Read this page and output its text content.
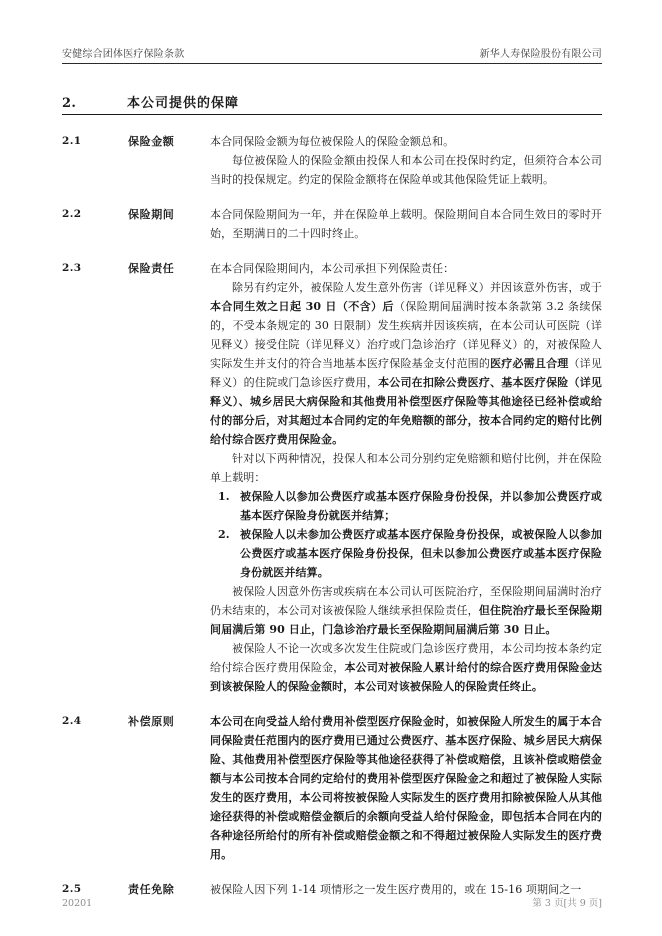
安健综合团体医疗保险条款	新华人寿保险股份有限公司
2.	本公司提供的保障
2.1	保险金额	本合同保险金额为每位被保险人的保险金额总和。

每位被保险人的保险金额由投保人和本公司在投保时约定，但须符合本公司当时的投保规定。约定的保险金额将在保险单或其他保险凭证上载明。

2.2	保险期间	本合同保险期间为一年，并在保险单上载明。保险期间自本合同生效日的零时开始，至期满日的二十四时终止。

2.3	保险责任	在本合同保险期间内，本公司承担下列保险责任：

除另有约定外，被保险人发生意外伤害（详见释义）并因该意外伤害，或于本合同生效之日起 30 日（不含）后（保险期间届满时按本条款第 3.2 条续保的，不受本条规定的 30 日限制）发生疾病并因该疾病，在本公司认可医院（详见释义）接受住院（详见释义）治疗或门急诊治疗（详见释义）的，对被保险人实际发生并支付的符合当地基本医疗保险基金支付范围的医疗必需且合理（详见释义）的住院或门急诊医疗费用，本公司在扣除公费医疗、基本医疗保险（详见释义）、城乡居民大病保险和其他费用补偿型医疗保险等其他途径已经补偿或给付的部分后，对其超过本合同约定的年免赔额的部分，按本合同约定的赔付比例给付综合医疗费用保险金。

针对以下两种情况，投保人和本公司分别约定免赔额和赔付比例，并在保险单上载明：

1. 被保险人以参加公费医疗或基本医疗保险身份投保，并以参加公费医疗或基本医疗保险身份就医并结算；
2. 被保险人以未参加公费医疗或基本医疗保险身份投保，或被保险人以参加公费医疗或基本医疗保险身份投保，但未以参加公费医疗或基本医疗保险身份就医并结算。

被保险人因意外伤害或疾病在本公司认可医院治疗，至保险期间届满时治疗仍未结束的，本公司对该被保险人继续承担保险责任，但住院治疗最长至保险期间届满后第 90 日止，门急诊治疗最长至保险期间届满后第 30 日止。

被保险人不论一次或多次发生住院或门急诊医疗费用，本公司均按本条约定给付综合医疗费用保险金，本公司对被保险人累计给付的综合医疗费用保险金达到该被保险人的保险金额时，本公司对该被保险人的保险责任终止。

2.4	补偿原则	本公司在向受益人给付费用补偿型医疗保险金时，如被保险人所发生的属于本合同保险责任范围内的医疗费用已通过公费医疗、基本医疗保险、城乡居民大病保险、其他费用补偿型医疗保险等其他途径获得了补偿或赔偿，且该补偿或赔偿金额与本公司按本合同约定给付的费用补偿型医疗保险金之和超过了被保险人实际发生的医疗费用，本公司将按被保险人实际发生的医疗费用扣除被保险人从其他途径获得的补偿或赔偿金额后的余额向受益人给付保险金，即包括本合同在内的各种途径所给付的所有补偿或赔偿金额之和不得超过被保险人实际发生的医疗费用。

2.5	责任免除	被保险人因下列 1-14 项情形之一发生医疗费用的，或在 15-16 项期间之一

20201	第 3 页[共 9 页]
